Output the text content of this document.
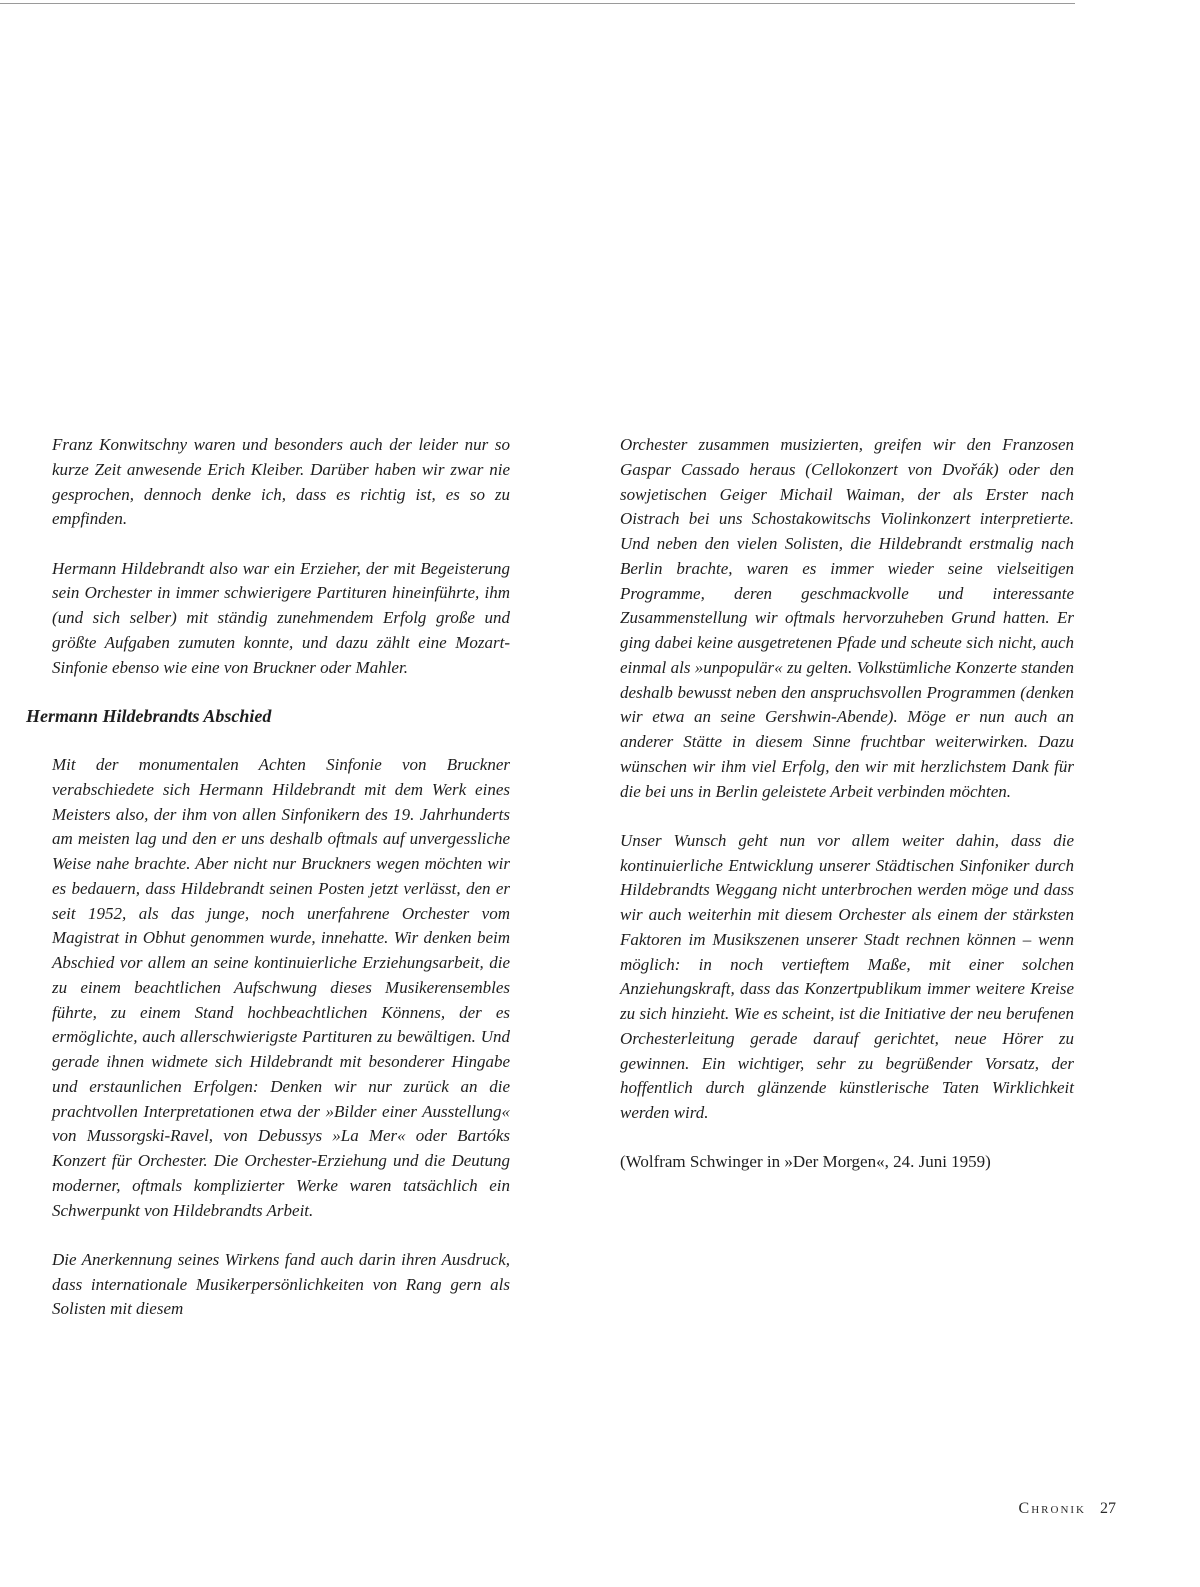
Franz Konwitschny waren und besonders auch der leider nur so kurze Zeit anwesende Erich Kleiber. Darüber haben wir zwar nie gesprochen, dennoch denke ich, dass es richtig ist, es so zu empfinden.

Hermann Hildebrandt also war ein Erzieher, der mit Begeisterung sein Orchester in immer schwierigere Partituren hineinführte, ihm (und sich selber) mit ständig zunehmendem Erfolg große und größte Aufgaben zumuten konnte, und dazu zählt eine Mozart-Sinfonie ebenso wie eine von Bruckner oder Mahler.

Hermann Hildebrandts Abschied

Mit der monumentalen Achten Sinfonie von Bruckner verabschiedete sich Hermann Hildebrandt mit dem Werk eines Meisters also, der ihm von allen Sinfonikern des 19. Jahrhunderts am meisten lag und den er uns deshalb oftmals auf unvergessliche Weise nahe brachte. Aber nicht nur Bruckners wegen möchten wir es bedauern, dass Hildebrandt seinen Posten jetzt verlässt, den er seit 1952, als das junge, noch unerfahrene Orchester vom Magistrat in Obhut genommen wurde, innehatte. Wir denken beim Abschied vor allem an seine kontinuierliche Erziehungsarbeit, die zu einem beachtlichen Aufschwung dieses Musikerensembles führte, zu einem Stand hochbeachtlichen Könnens, der es ermöglichte, auch allerschwierigste Partituren zu bewältigen. Und gerade ihnen widmete sich Hildebrandt mit besonderer Hingabe und erstaunlichen Erfolgen: Denken wir nur zurück an die prachtvollen Interpretationen etwa der »Bilder einer Ausstellung« von Mussorgski-Ravel, von Debussys »La Mer« oder Bartóks Konzert für Orchester. Die Orchester-Erziehung und die Deutung moderner, oftmals komplizierter Werke waren tatsächlich ein Schwerpunkt von Hildebrandts Arbeit.

Die Anerkennung seines Wirkens fand auch darin ihren Ausdruck, dass internationale Musikerpersönlichkeiten von Rang gern als Solisten mit diesem

Orchester zusammen musizierten, greifen wir den Franzosen Gaspar Cassado heraus (Cellokonzert von Dvořák) oder den sowjetischen Geiger Michail Waiman, der als Erster nach Oistrach bei uns Schostakowitschs Violinkonzert interpretierte. Und neben den vielen Solisten, die Hildebrandt erstmalig nach Berlin brachte, waren es immer wieder seine vielseitigen Programme, deren geschmackvolle und interessante Zusammenstellung wir oftmals hervorzuheben Grund hatten. Er ging dabei keine ausgetretenen Pfade und scheute sich nicht, auch einmal als »unpopulär« zu gelten. Volkstümliche Konzerte standen deshalb bewusst neben den anspruchsvollen Programmen (denken wir etwa an seine Gershwin-Abende). Möge er nun auch an anderer Stätte in diesem Sinne fruchtbar weiterwirken. Dazu wünschen wir ihm viel Erfolg, den wir mit herzlichstem Dank für die bei uns in Berlin geleistete Arbeit verbinden möchten.

Unser Wunsch geht nun vor allem weiter dahin, dass die kontinuierliche Entwicklung unserer Städtischen Sinfoniker durch Hildebrandts Weggang nicht unterbrochen werden möge und dass wir auch weiterhin mit diesem Orchester als einem der stärksten Faktoren im Musikszenen unserer Stadt rechnen können – wenn möglich: in noch vertieftem Maße, mit einer solchen Anziehungskraft, dass das Konzertpublikum immer weitere Kreise zu sich hinzieht. Wie es scheint, ist die Initiative der neu berufenen Orchesterleitung gerade darauf gerichtet, neue Hörer zu gewinnen. Ein wichtiger, sehr zu begrüßender Vorsatz, der hoffentlich durch glänzende künstlerische Taten Wirklichkeit werden wird.

(Wolfram Schwinger in »Der Morgen«, 24. Juni 1959)

Chronik 27
